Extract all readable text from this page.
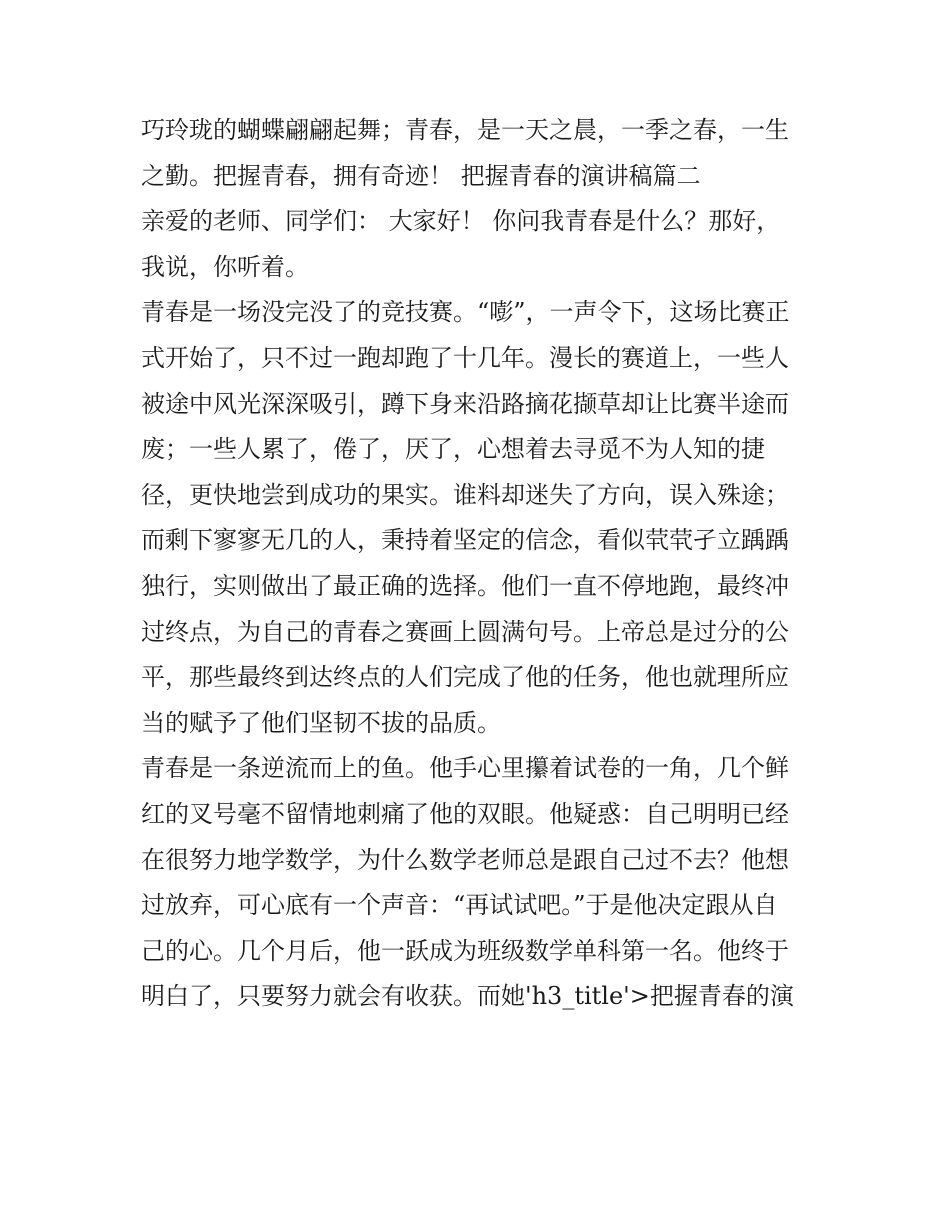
巧玲珑的蝴蝶翩翩起舞；青春，是一天之晨，一季之春，一生
之勤。把握青春，拥有奇迹！ 把握青春的演讲稿篇二

亲爱的老师、同学们： 大家好！ 你问我青春是什么？那好，
我说，你听着。

青春是一场没完没了的竞技赛。“嘭”，一声令下，这场比赛正
式开始了，只不过一跑却跑了十几年。漫长的赛道上，一些人
被途中风光深深吸引，蹲下身来沿路摘花撷草却让比赛半途而
废；一些人累了，倦了，厌了，心想着去寻觅不为人知的捷
径，更快地尝到成功的果实。谁料却迷失了方向，误入殊途；
而剩下寥寥无几的人，秉持着坚定的信念，看似茕茕孑立踽踽
独行，实则做出了最正确的选择。他们一直不停地跑，最终冲
过终点，为自己的青春之赛画上圆满句号。上帝总是过分的公
平，那些最终到达终点的人们完成了他的任务，他也就理所应
当的赋予了他们坚韧不拔的品质。

青春是一条逆流而上的鱼。他手心里攥着试卷的一角，几个鲜
红的叉号毫不留情地刺痛了他的双眼。他疑惑：自己明明已经
在很努力地学数学，为什么数学老师总是跟自己过不去？他想
过放弃，可心底有一个声音：“再试试吧。”于是他决定跟从自
己的心。几个月后，他一跃成为班级数学单科第一名。他终于
明白了，只要努力就会有收获。而她'h3_title'>把握青春的演
